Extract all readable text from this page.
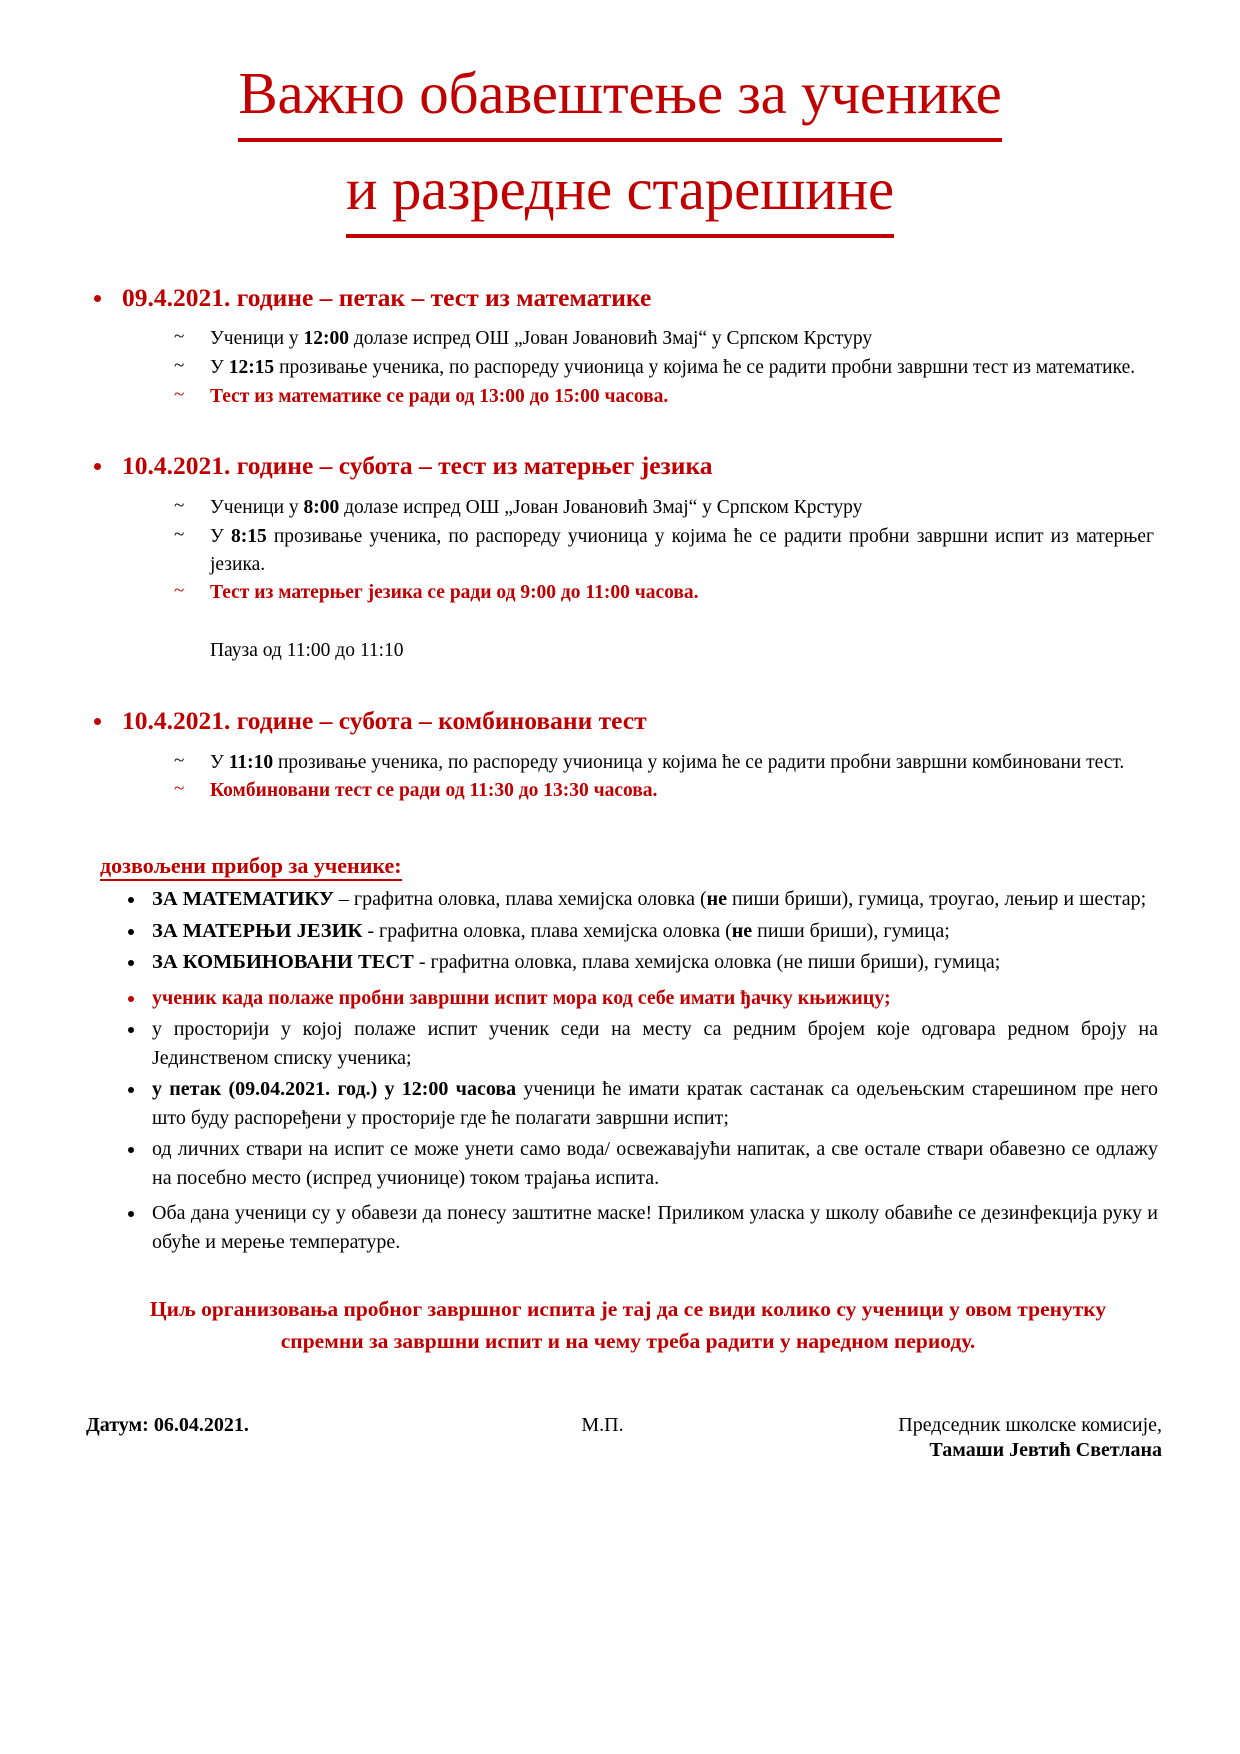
Важно обавештење за ученике
и разредне старешине
09.4.2021. године – петак – тест из математике
~ Ученици у 12:00 долазе испред ОШ „Јован Јовановић Змај“ у Српском Крстуру
~ У 12:15 прозивање ученика, по распореду учионица у којима ће се радити пробни завршни тест из математике.
~ Тест из математике се ради од 13:00 до 15:00 часова.
10.4.2021. године – субота – тест из матерњег језика
~ Ученици у 8:00 долазе испред ОШ „Јован Јовановић Змај“ у Српском Крстуру
~ У 8:15 прозивање ученика, по распореду учионица у којима ће се радити пробни завршни испит из матерњег језика.
~ Тест из матерњег језика се ради од 9:00 до 11:00 часова.
Пауза од 11:00 до 11:10
10.4.2021. године – субота – комбиновани тест
~ У 11:10 прозивање ученика, по распореду учионица у којима ће се радити пробни завршни комбиновани тест.
~ Комбиновани тест се ради од 11:30 до 13:30 часова.
дозвољени прибор за ученике:
ЗА МАТЕМАТИКУ – графитна оловка, плава хемијска оловка (не пиши бриши), гумица, троугао, лењир и шестар;
ЗА МАТЕРЊИ ЈЕЗИК - графитна оловка, плава хемијска оловка (не пиши бриши), гумица;
ЗА КОМБИНОВАНИ ТЕСТ - графитна оловка, плава хемијска оловка (не пиши бриши), гумица;
ученик када полаже пробни завршни испит мора код себе имати ђачку књижицу;
у просторији у којој полаже испит ученик седи на месту са редним бројем које одговара редном броју на Јединственом списку ученика;
у петак (09.04.2021. год.) у 12:00 часова ученици ће имати кратак састанак са одељењским старешином пре него што буду распоређени у просторије где ће полагати завршни испит;
од личних ствари на испит се може унети само вода/ освежавајући напитак, а све остале ствари обавезно се одлажу на посебно место (испред учионице) током трајања испита.
Оба дана ученици су у обавези да понесу заштитне маске! Приликом уласка у школу обавиће се дезинфекција руку и обуће и мерење температуре.
Циљ организовања пробног завршног испита је тај да се види колико су ученици у овом тренутку спремни за завршни испит и на чему треба радити у наредном периоду.
Датум: 06.04.2021.	М.П.	Председник школске комисије,
Тамаши Јевтић Светлана
